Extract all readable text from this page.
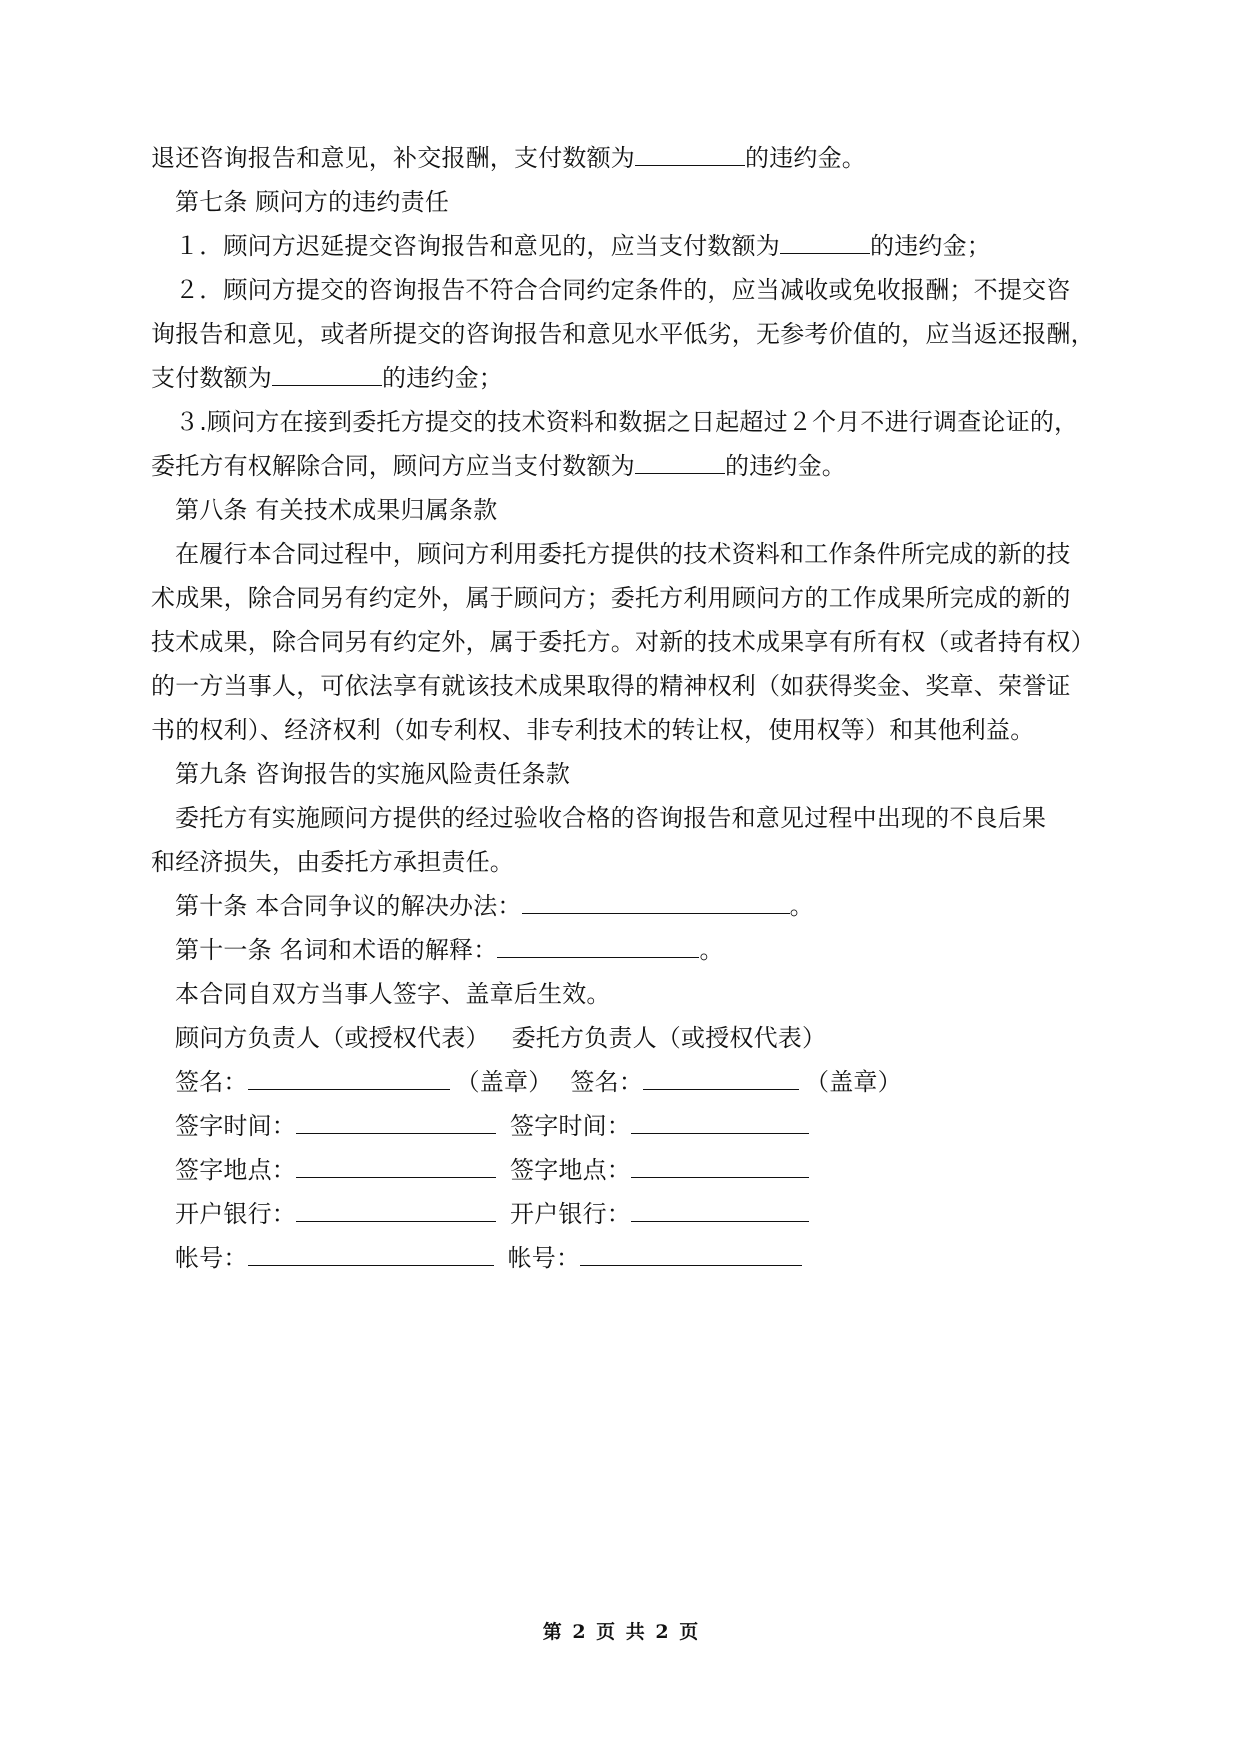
退还咨询报告和意见，补交报酬，支付数额为	的违约金。
第七条 顾问方的违约责任
１．顾问方迟延提交咨询报告和意见的，应当支付数额为	的违约金；
２．顾问方提交的咨询报告不符合合同约定条件的，应当减收或免收报酬；不提交咨
询报告和意见，或者所提交的咨询报告和意见水平低劣，无参考价值的，应当返还报酬，
支付数额为	的违约金；
３.顾问方在接到委托方提交的技术资料和数据之日起超过２个月不进行调查论证的，
委托方有权解除合同，顾问方应当支付数额为	的违约金。
第八条 有关技术成果归属条款
在履行本合同过程中，顾问方利用委托方提供的技术资料和工作条件所完成的新的技
术成果，除合同另有约定外，属于顾问方；委托方利用顾问方的工作成果所完成的新的
技术成果，除合同另有约定外，属于委托方。对新的技术成果享有所有权（或者持有权）
的一方当事人，可依法享有就该技术成果取得的精神权利（如获得奖金、奖章、荣誉证
书的权利）、经济权利（如专利权、非专利技术的转让权，使用权等）和其他利益。
第九条 咨询报告的实施风险责任条款
委托方有实施顾问方提供的经过验收合格的咨询报告和意见过程中出现的不良后果
和经济损失，由委托方承担责任。
第十条 本合同争议的解决办法：	。
第十一条 名词和术语的解释：	。
本合同自双方当事人签字、盖章后生效。
顾问方负责人（或授权代表） 委托方负责人（或授权代表）
签名：	（盖章） 签名：	（盖章）
签字时间：	签字时间：
签字地点：	签字地点：
开户银行：	开户银行：
帐号：	帐号：
第 2 页 共 2 页
